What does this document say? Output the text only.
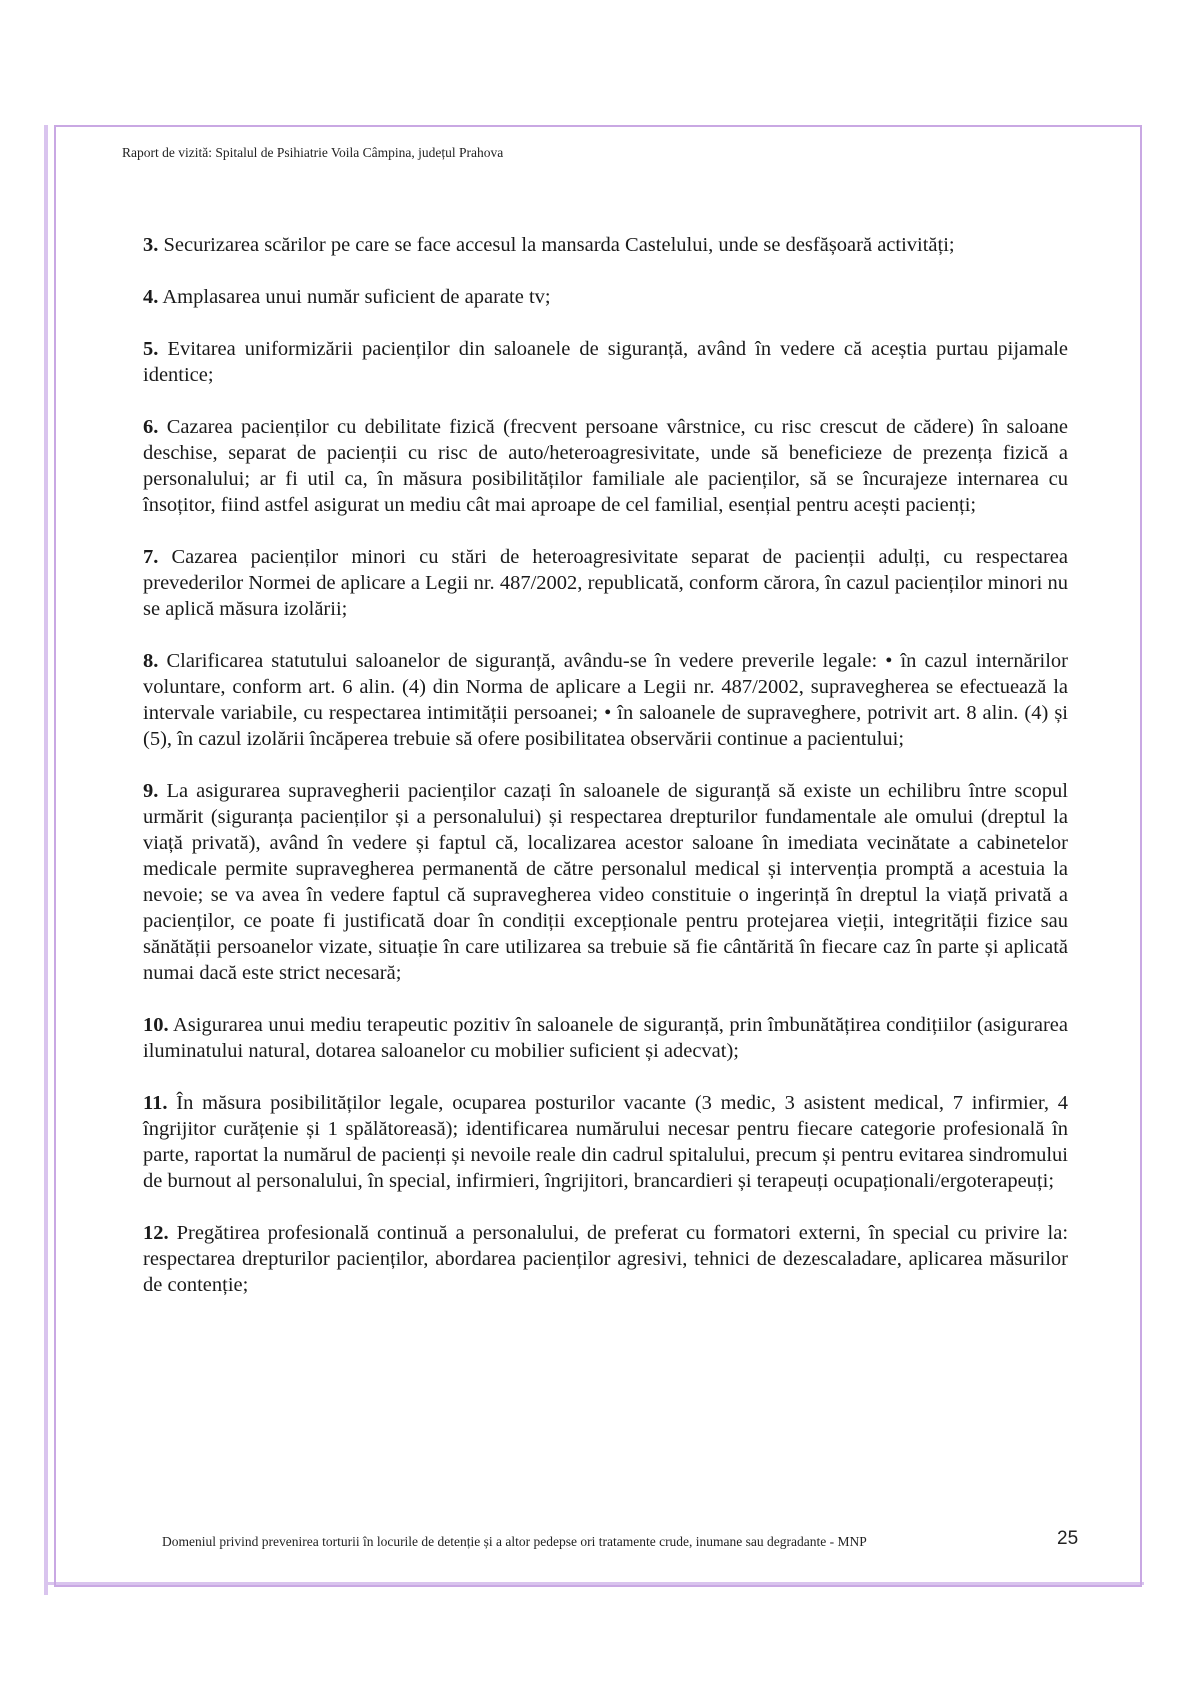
Raport de vizită: Spitalul de Psihiatrie Voila Câmpina, județul Prahova

3. Securizarea scărilor pe care se face accesul la mansarda Castelului, unde se desfășoară activități;

4. Amplasarea unui număr suficient de aparate tv;

5. Evitarea uniformizării pacienților din saloanele de siguranță, având în vedere că aceștia purtau pijamale identice;

6. Cazarea pacienților cu debilitate fizică (frecvent persoane vârstnice, cu risc crescut de cădere) în saloane deschise, separat de pacienții cu risc de auto/heteroagresivitate, unde să beneficieze de prezența fizică a personalului; ar fi util ca, în măsura posibilităților familiale ale pacienților, să se încurajeze internarea cu însoțitor, fiind astfel asigurat un mediu cât mai aproape de cel familial, esențial pentru acești pacienți;

7. Cazarea pacienților minori cu stări de heteroagresivitate separat de pacienții adulți, cu respectarea prevederilor Normei de aplicare a Legii nr. 487/2002, republicată, conform cărora, în cazul pacienților minori nu se aplică măsura izolării;

8. Clarificarea statutului saloanelor de siguranță, avându-se în vedere preverile legale: • în cazul internărilor voluntare, conform art. 6 alin. (4) din Norma de aplicare a Legii nr. 487/2002, supravegherea se efectuează la intervale variabile, cu respectarea intimității persoanei; • în saloanele de supraveghere, potrivit art. 8 alin. (4) și (5), în cazul izolării încăperea trebuie să ofere posibilitatea observării continue a pacientului;

9. La asigurarea supravegherii pacienților cazați în saloanele de siguranță să existe un echilibru între scopul urmărit (siguranța pacienților și a personalului) și respectarea drepturilor fundamentale ale omului (dreptul la viață privată), având în vedere și faptul că, localizarea acestor saloane în imediata vecinătate a cabinetelor medicale permite supravegherea permanentă de către personalul medical și intervenția promptă a acestuia la nevoie; se va avea în vedere faptul că supravegherea video constituie o ingerință în dreptul la viață privată a pacienților, ce poate fi justificată doar în condiții excepționale pentru protejarea vieții, integrității fizice sau sănătății persoanelor vizate, situație în care utilizarea sa trebuie să fie cântărită în fiecare caz în parte și aplicată numai dacă este strict necesară;

10. Asigurarea unui mediu terapeutic pozitiv în saloanele de siguranță, prin îmbunătățirea condițiilor (asigurarea iluminatului natural, dotarea saloanelor cu mobilier suficient și adecvat);

11. În măsura posibilităților legale, ocuparea posturilor vacante (3 medic, 3 asistent medical, 7 infirmier, 4 îngrijitor curățenie și 1 spălătoreasă); identificarea numărului necesar pentru fiecare categorie profesională în parte, raportat la numărul de pacienți și nevoile reale din cadrul spitalului, precum și pentru evitarea sindromului de burnout al personalului, în special, infirmieri, îngrijitori, brancardieri și terapeuți ocupaționali/ergoterapeuți;

12. Pregătirea profesională continuă a personalului, de preferat cu formatori externi, în special cu privire la: respectarea drepturilor pacienților, abordarea pacienților agresivi, tehnici de dezescaladare, aplicarea măsurilor de contenție;

Domeniul privind prevenirea torturii în locurile de detenție și a altor pedepse ori tratamente crude, inumane sau degradante - MNP	25
